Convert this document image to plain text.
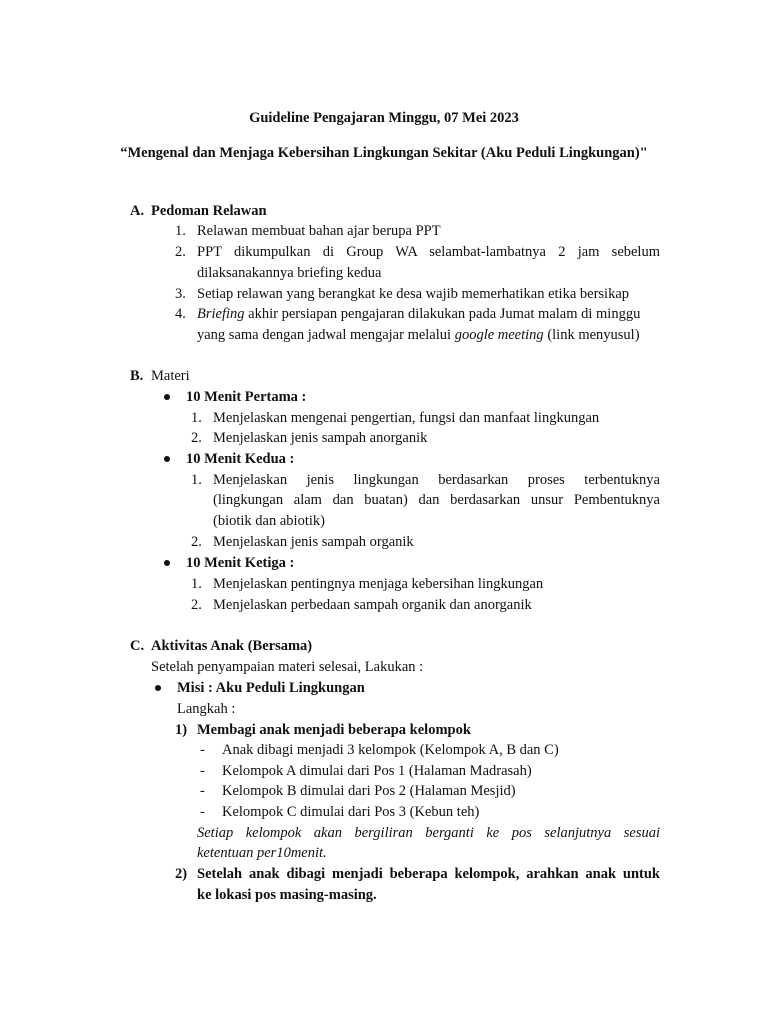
Guideline Pengajaran Minggu, 07 Mei 2023
“Mengenal dan Menjaga Kebersihan Lingkungan Sekitar (Aku Peduli Lingkungan)"
A. Pedoman Relawan
1. Relawan membuat bahan ajar berupa PPT
2. PPT dikumpulkan di Group WA selambat-lambatnya 2 jam sebelum
dilaksanakannya briefing kedua
3. Setiap relawan yang berangkat ke desa wajib memerhatikan etika bersikap
4. Briefing akhir persiapan pengajaran dilakukan pada Jumat malam di minggu
yang sama dengan jadwal mengajar melalui google meeting (link menyusul)
B. Materi
10 Menit Pertama :
1. Menjelaskan mengenai pengertian, fungsi dan manfaat lingkungan
2. Menjelaskan jenis sampah anorganik
10 Menit Kedua :
1. Menjelaskan jenis lingkungan berdasarkan proses terbentuknya
(lingkungan alam dan buatan) dan berdasarkan unsur Pembentuknya
(biotik dan abiotik)
2. Menjelaskan jenis sampah organik
10 Menit Ketiga :
1. Menjelaskan pentingnya menjaga kebersihan lingkungan
2. Menjelaskan perbedaan sampah organik dan anorganik
C. Aktivitas Anak (Bersama)
Setelah penyampaian materi selesai, Lakukan :
Misi : Aku Peduli Lingkungan
Langkah :
1) Membagi anak menjadi beberapa kelompok
- Anak dibagi menjadi 3 kelompok (Kelompok A, B dan C)
- Kelompok A dimulai dari Pos 1 (Halaman Madrasah)
- Kelompok B dimulai dari Pos 2 (Halaman Mesjid)
- Kelompok C dimulai dari Pos 3 (Kebun teh)
Setiap kelompok akan bergiliran berganti ke pos selanjutnya sesuai
ketentuan per10menit.
2) Setelah anak dibagi menjadi beberapa kelompok, arahkan anak untuk
ke lokasi pos masing-masing.
